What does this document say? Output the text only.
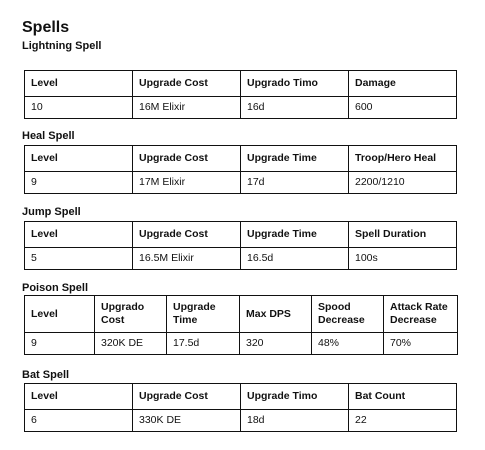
Spells
Lightning Spell
Level	Upgrade Cost	Upgrado Timo	Damage
10	16M Elixir	16d	600
Heal Spell
Level	Upgrade Cost	Upgrade Time	Troop/Hero Heal
9	17M Elixir	17d	2200/1210
Jump Spell
Level	Upgrade Cost	Upgrade Time	Spell Duration
5	16.5M Elixir	16.5d	100s
Poison Spell
Level	Upgrado Cost	Upgrade Time	Max DPS	Spood Decrease	Attack Rate Decrease
9	320K DE	17.5d	320	48%	70%
Bat Spell
Level	Upgrade Cost	Upgrade Timo	Bat Count
6	330K DE	18d	22
